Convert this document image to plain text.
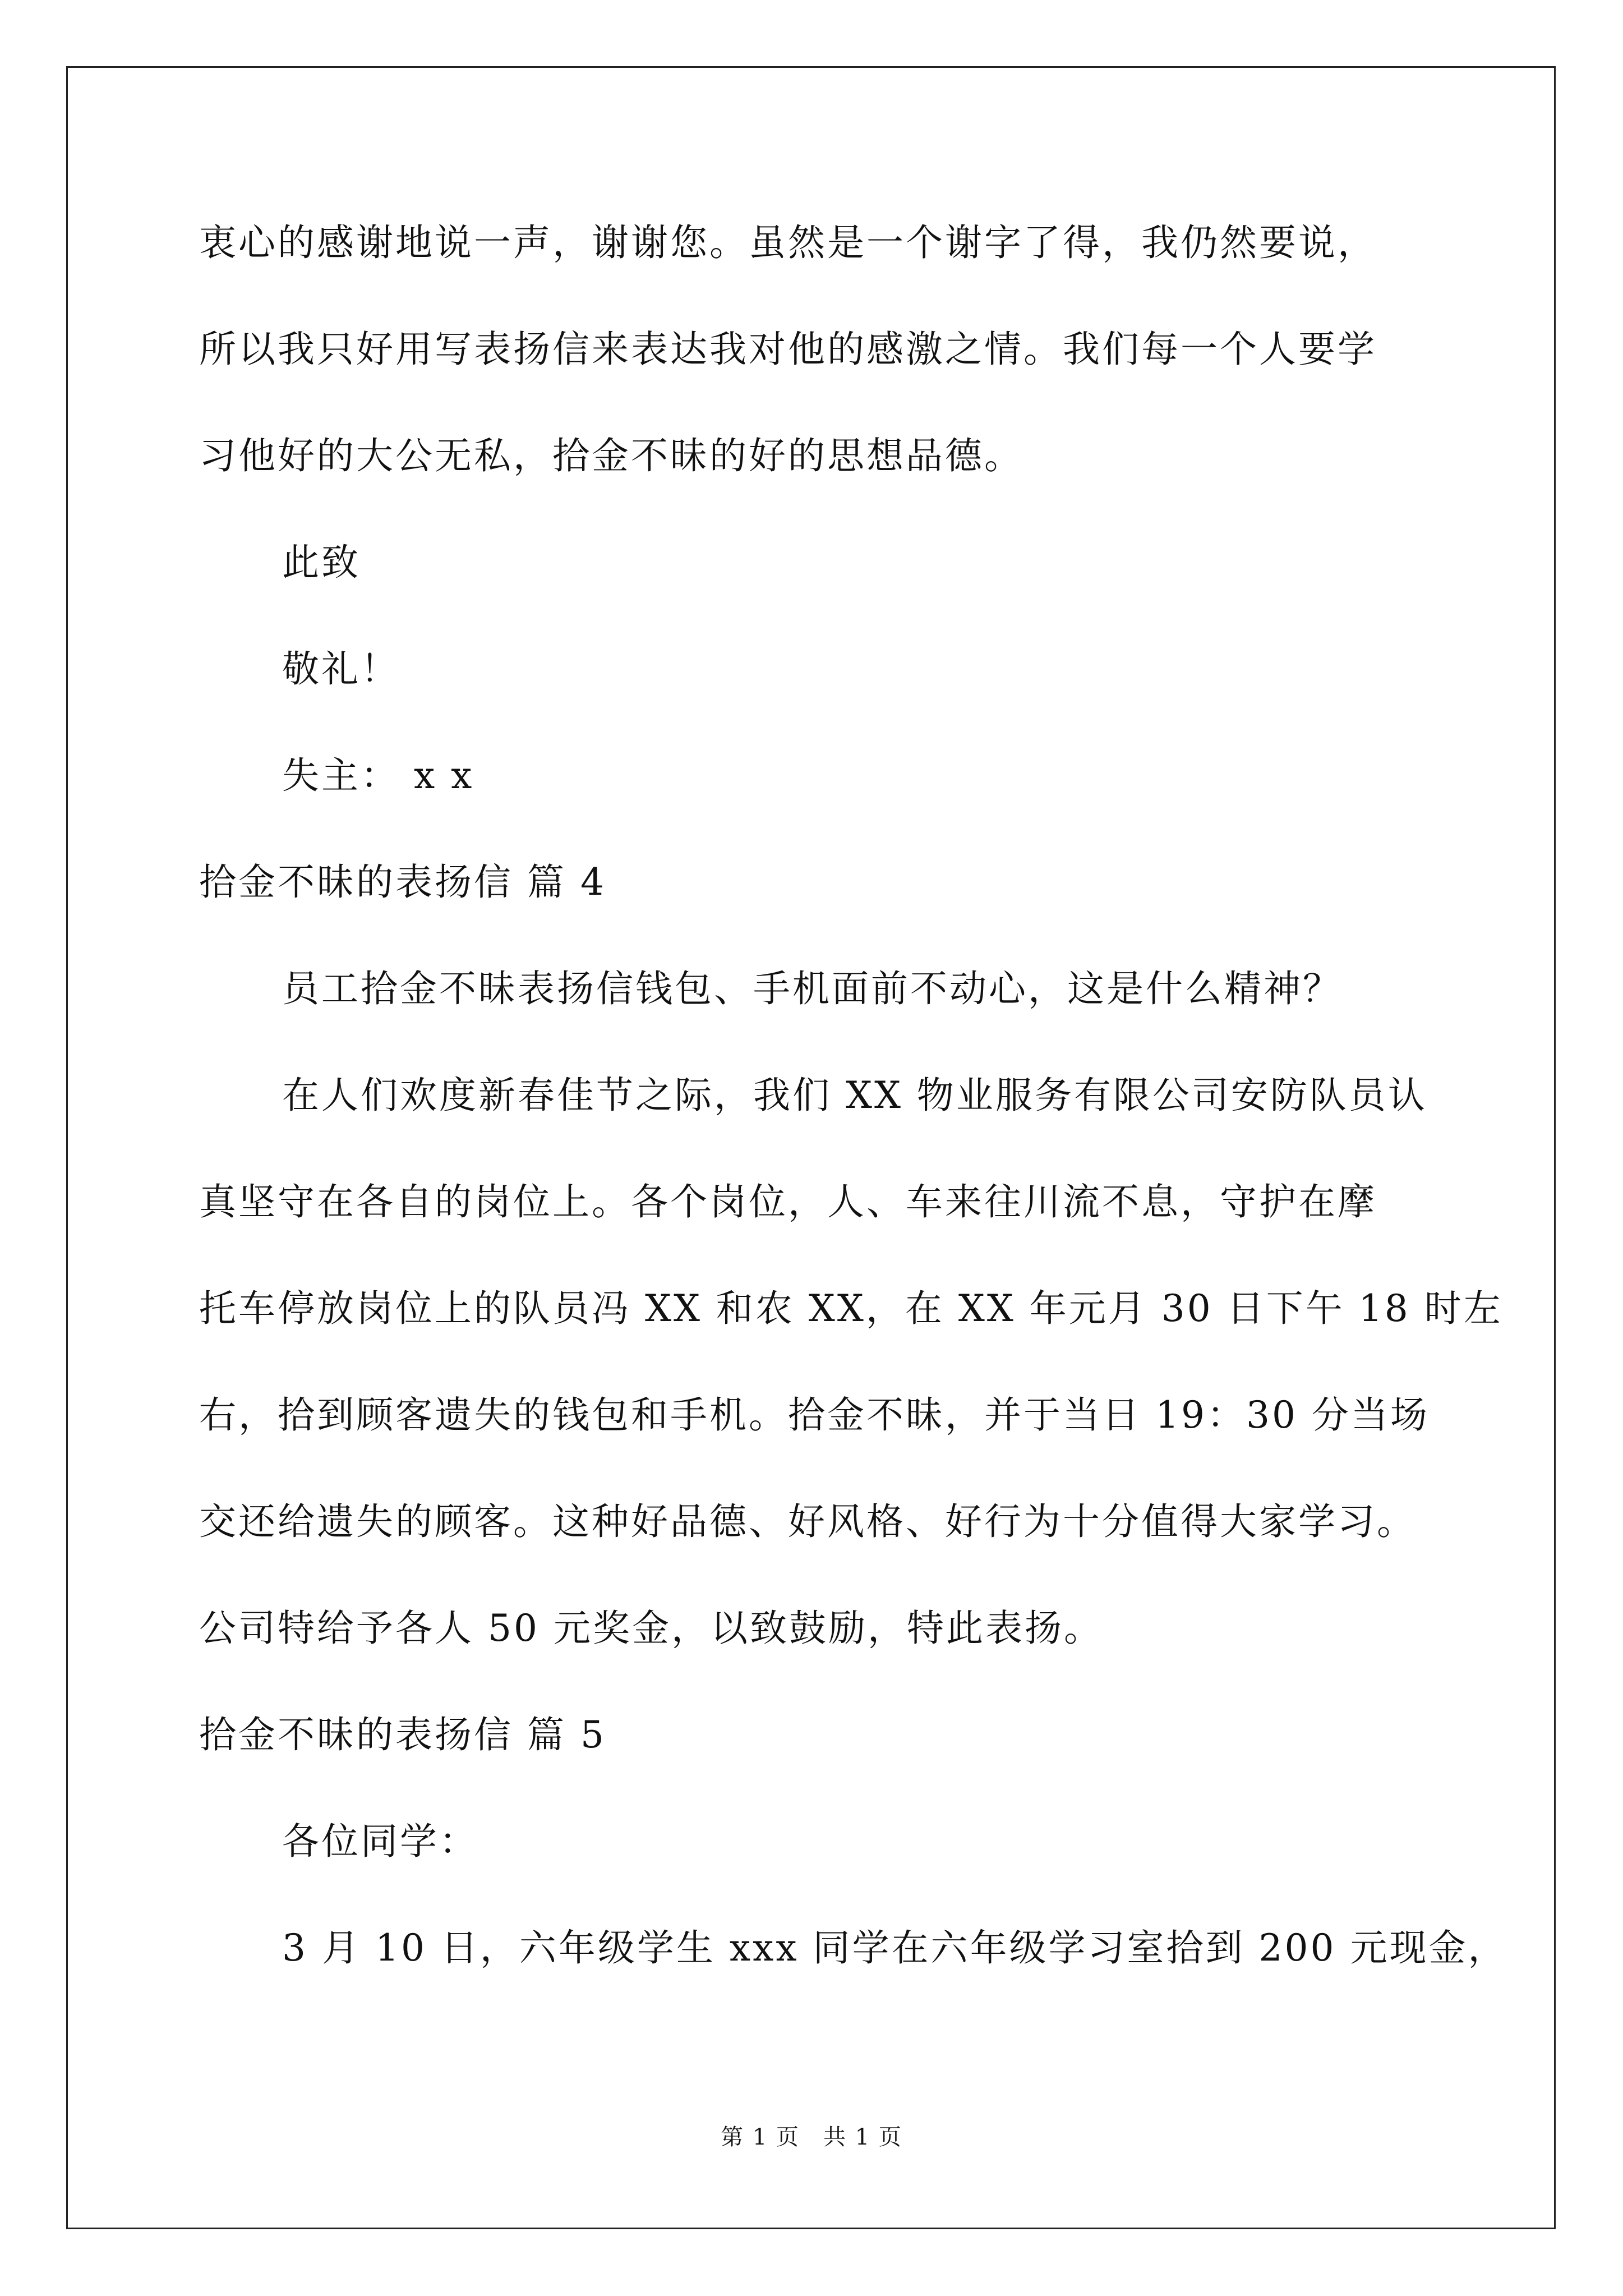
衷心的感谢地说一声，谢谢您。虽然是一个谢字了得，我仍然要说，
所以我只好用写表扬信来表达我对他的感激之情。我们每一个人要学
习他好的大公无私，拾金不昧的好的思想品德。
此致
敬礼！
失主： x x
拾金不昧的表扬信 篇 4
员工拾金不昧表扬信钱包、手机面前不动心，这是什么精神？
在人们欢度新春佳节之际，我们 XX 物业服务有限公司安防队员认
真坚守在各自的岗位上。各个岗位，人、车来往川流不息，守护在摩
托车停放岗位上的队员冯 XX 和农 XX，在 XX 年元月 30 日下午 18 时左
右，拾到顾客遗失的钱包和手机。拾金不昧，并于当日 19：30 分当场
交还给遗失的顾客。这种好品德、好风格、好行为十分值得大家学习。
公司特给予各人 50 元奖金，以致鼓励，特此表扬。
拾金不昧的表扬信 篇 5
各位同学：
3 月 10 日，六年级学生 xxx 同学在六年级学习室拾到 200 元现金，
第 1 页　共 1 页
